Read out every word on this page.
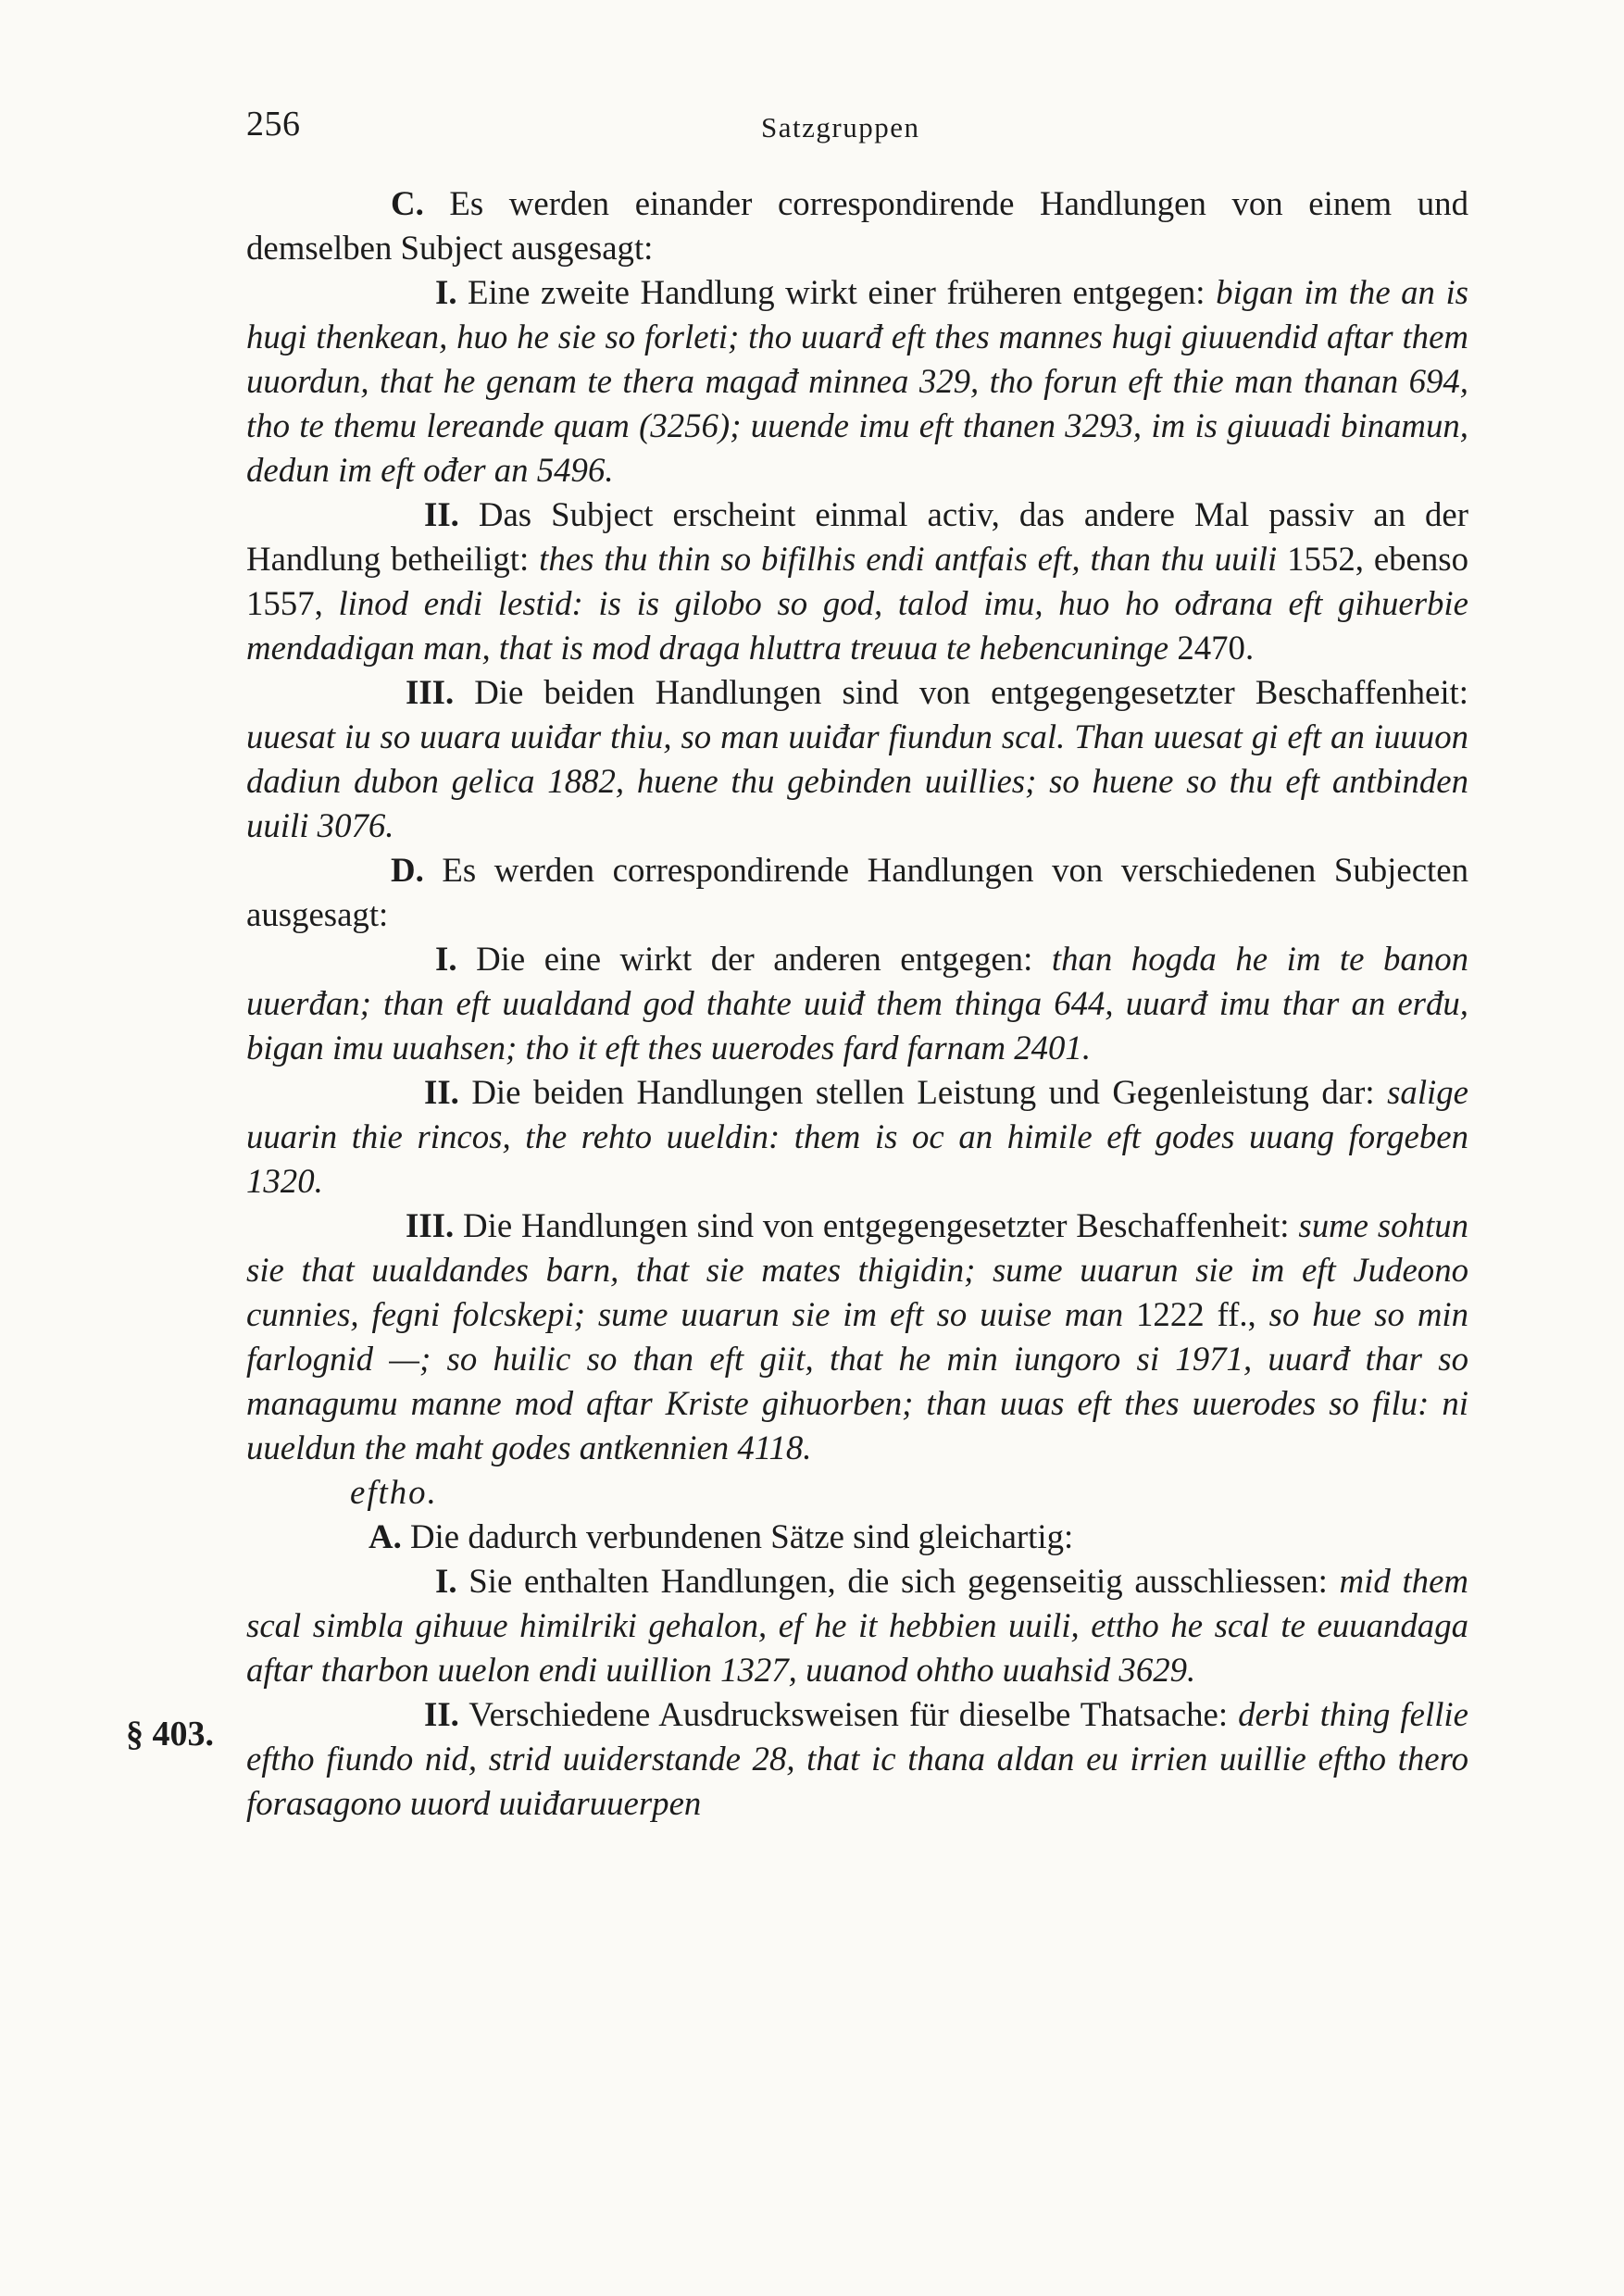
256	Satzgruppen
§ 403.

C. Es werden einander correspondirende Handlungen von einem und demselben Subject ausgesagt:

I. Eine zweite Handlung wirkt einer früheren entgegen: bigan im the an is hugi thenkean, huo he sie so forleti; tho uuarđ eft thes mannes hugi giuuendid aftar them uuordun, that he genam te thera magađ minnea 329, tho forun eft thie man thanan 694, tho te themu lereande quam (3256); uuende imu eft thanen 3293, im is giuuadi binamun, dedun im eft ođer an 5496.

II. Das Subject erscheint einmal activ, das andere Mal passiv an der Handlung betheiligt: thes thu thin so bifilhis endi antfais eft, than thu uuili 1552, ebenso 1557, linod endi lestid: is is gilobo so god, talod imu, huo ho ođrana eft gihuerbie mendadigan man, that is mod draga hluttra treuua te hebencuninge 2470.

III. Die beiden Handlungen sind von entgegengesetzter Beschaffenheit: uuesat iu so uuara uuiđar thiu, so man uuiđar fiundun scal. Than uuesat gi eft an iuuuon dadiun dubon gelica 1882, huene thu gebinden uuillies; so huene so thu eft antbinden uuili 3076.

D. Es werden correspondirende Handlungen von verschiedenen Subjecten ausgesagt:

I. Die eine wirkt der anderen entgegen: than hogda he im te banon uuerđan; than eft uualdand god thahte uuiđ them thinga 644, uuarđ imu thar an erđu, bigan imu uuahsen; tho it eft thes uuerodes fard farnam 2401.

II. Die beiden Handlungen stellen Leistung und Gegenleistung dar: salige uuarin thie rincos, the rehto uueldin: them is oc an himile eft godes uuang forgeben 1320.

III. Die Handlungen sind von entgegengesetzter Beschaffenheit: sume sohtun sie that uualdandes barn, that sie mates thigidin; sume uuarun sie im eft Judeono cunnies, fegni folcskepi; sume uuarun sie im eft so uuise man 1222 ff., so hue so min farlognid —; so huilic so than eft giit, that he min iungoro si 1971, uuarđ thar so managumu manne mod aftar Kriste gihuorben; than uuas eft thes uuerodes so filu: ni uueldun the maht godes antkennien 4118.

eftho.

A. Die dadurch verbundenen Sätze sind gleichartig:

I. Sie enthalten Handlungen, die sich gegenseitig ausschliessen: mid them scal simbla gihuue himilriki gehalon, ef he it hebbien uuili, ettho he scal te euuandaga aftar tharbon uuelon endi uuillion 1327, uuanod ohtho uuahsid 3629.

II. Verschiedene Ausdrucksweisen für dieselbe Thatsache: derbi thing fellie eftho fiundo nid, strid uuiderstande 28, that ic thana aldan eu irrien uuillie eftho thero forasagono uuord uuiđaruuerpen
